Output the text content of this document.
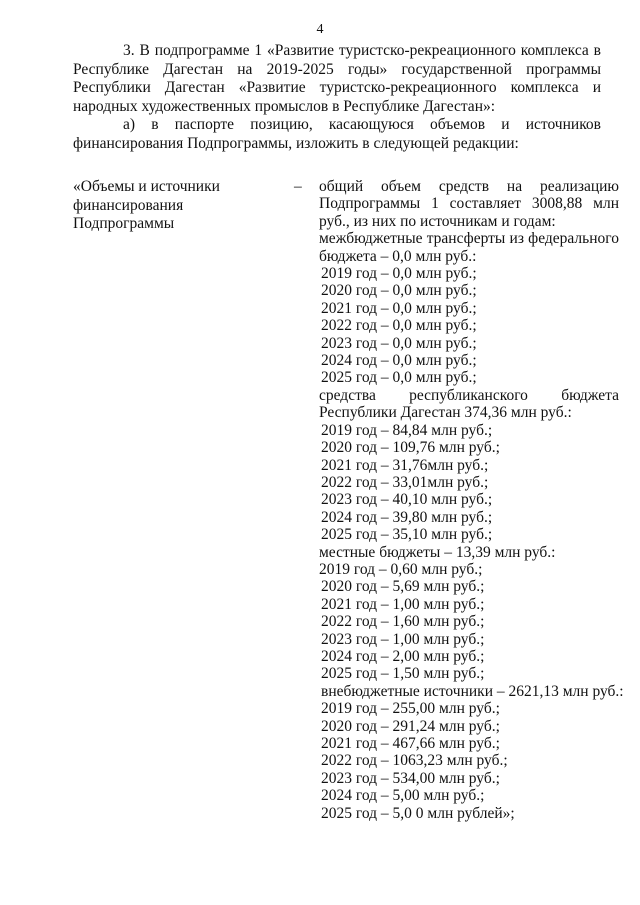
4

3. В подпрограмме 1 «Развитие туристско-рекреационного комплекса в Республике Дагестан на 2019-2025 годы» государственной программы Республики Дагестан «Развитие туристско-рекреационного комплекса и народных художественных промыслов в Республике Дагестан»:

а) в паспорте позицию, касающуюся объемов и источников финансирования Подпрограммы, изложить в следующей редакции:

«Объемы и источники финансирования Подпрограммы
–	общий объем средств на реализацию Подпрограммы 1 составляет 3008,88 млн руб., из них по источникам и годам:
межбюджетные трансферты из федерального бюджета – 0,0 млн руб.:
2019 год – 0,0 млн руб.;
2020 год – 0,0 млн руб.;
2021 год – 0,0 млн руб.;
2022 год – 0,0 млн руб.;
2023 год – 0,0 млн руб.;
2024 год – 0,0 млн руб.;
2025 год – 0,0 млн руб.;
средства республиканского бюджета Республики Дагестан 374,36 млн руб.:
2019 год – 84,84 млн руб.;
2020 год – 109,76 млн руб.;
2021 год – 31,76млн руб.;
2022 год – 33,01млн руб.;
2023 год – 40,10 млн руб.;
2024 год – 39,80 млн руб.;
2025 год – 35,10 млн руб.;
местные бюджеты – 13,39 млн руб.:
2019 год – 0,60 млн руб.;
2020 год – 5,69 млн руб.;
2021 год – 1,00 млн руб.;
2022 год – 1,60 млн руб.;
2023 год – 1,00 млн руб.;
2024 год – 2,00 млн руб.;
2025 год – 1,50 млн руб.;
внебюджетные источники – 2621,13 млн руб.:
2019 год – 255,00 млн руб.;
2020 год – 291,24 млн руб.;
2021 год – 467,66 млн руб.;
2022 год – 1063,23 млн руб.;
2023 год – 534,00 млн руб.;
2024 год – 5,00 млн руб.;
2025 год – 5,0 0 млн рублей»;
